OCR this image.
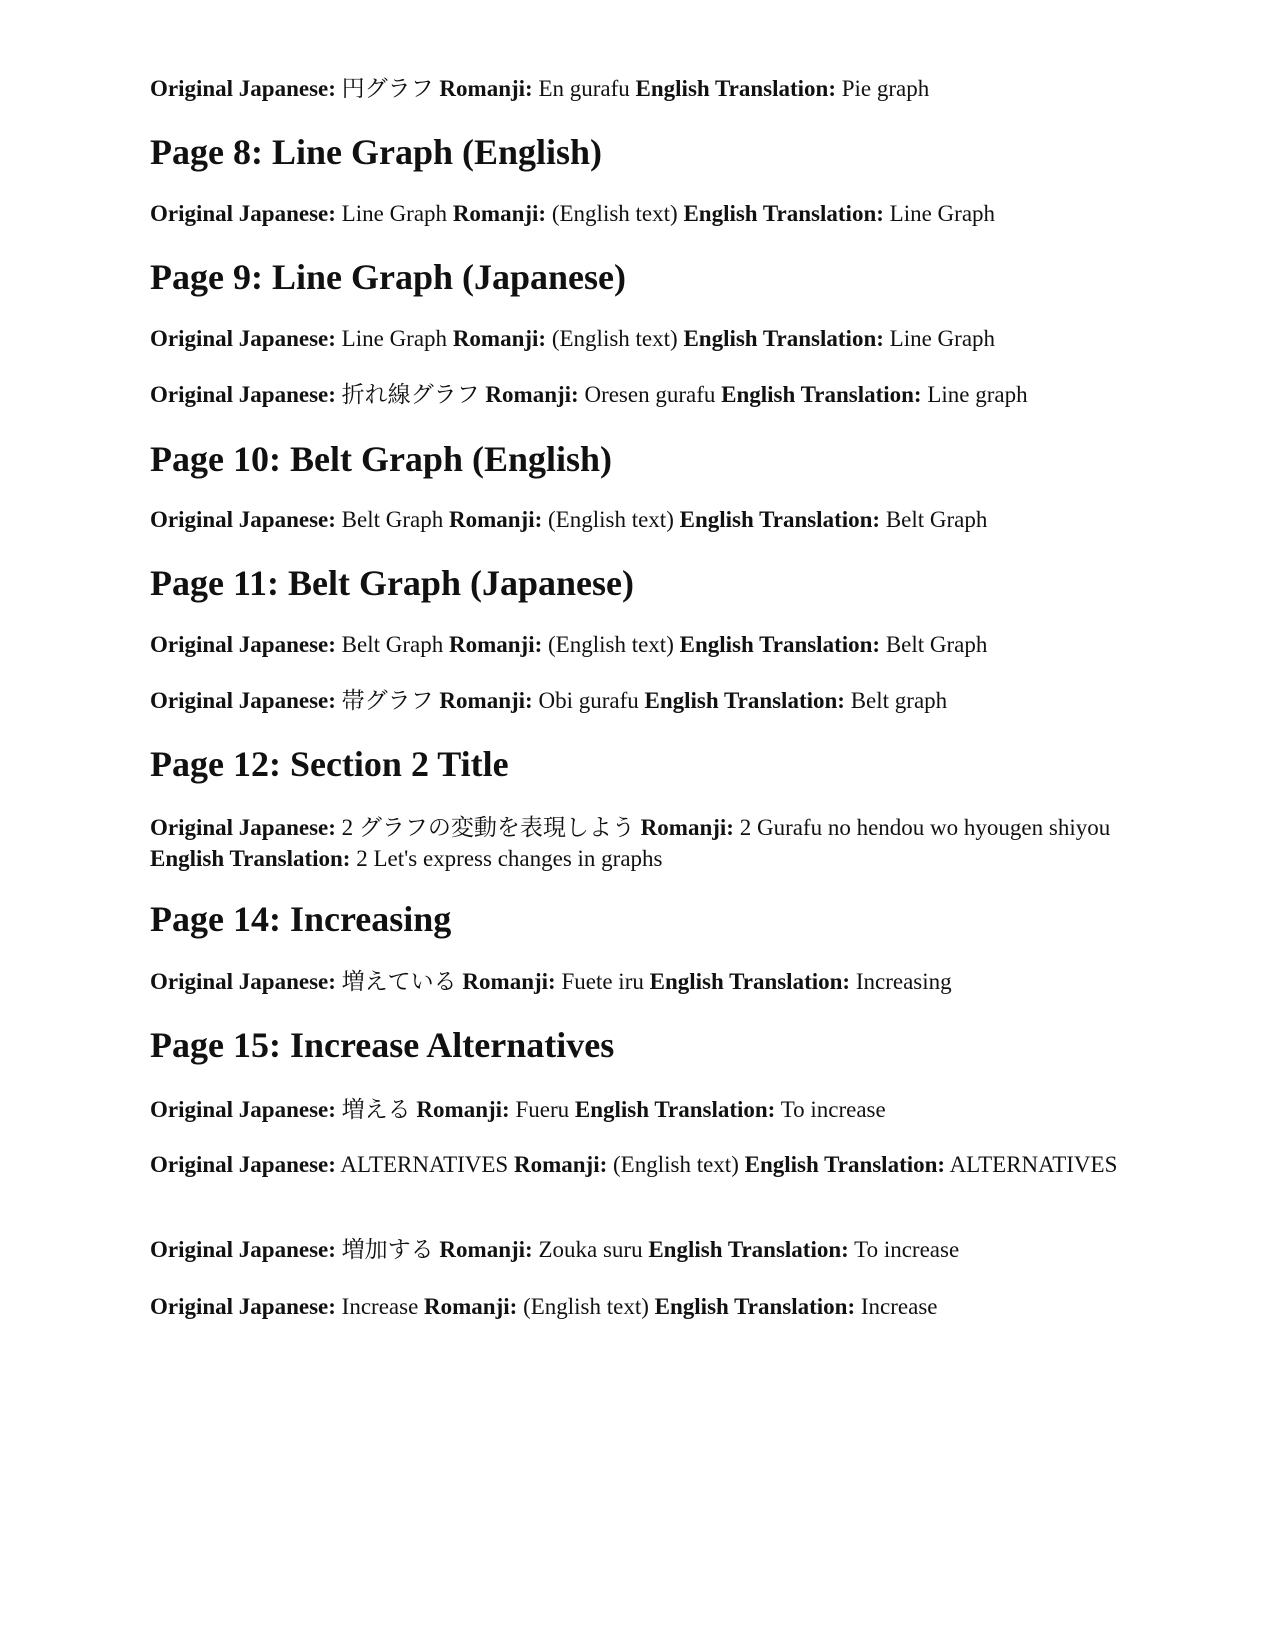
Original Japanese: 円グラフ Romanji: En gurafu English Translation: Pie graph

Page 8: Line Graph (English)

Original Japanese: Line Graph Romanji: (English text) English Translation: Line Graph

Page 9: Line Graph (Japanese)

Original Japanese: Line Graph Romanji: (English text) English Translation: Line Graph

Original Japanese: 折れ線グラフ Romanji: Oresen gurafu English Translation: Line graph

Page 10: Belt Graph (English)

Original Japanese: Belt Graph Romanji: (English text) English Translation: Belt Graph

Page 11: Belt Graph (Japanese)

Original Japanese: Belt Graph Romanji: (English text) English Translation: Belt Graph

Original Japanese: 帯グラフ Romanji: Obi gurafu English Translation: Belt graph

Page 12: Section 2 Title

Original Japanese: 2 グラフの変動を表現しよう Romanji: 2 Gurafu no hendou wo hyougen shiyou English Translation: 2 Let's express changes in graphs

Page 14: Increasing

Original Japanese: 増えている Romanji: Fuete iru English Translation: Increasing

Page 15: Increase Alternatives

Original Japanese: 増える Romanji: Fueru English Translation: To increase

Original Japanese: ALTERNATIVES Romanji: (English text) English Translation: ALTERNATIVES

Original Japanese: 増加する Romanji: Zouka suru English Translation: To increase

Original Japanese: Increase Romanji: (English text) English Translation: Increase
